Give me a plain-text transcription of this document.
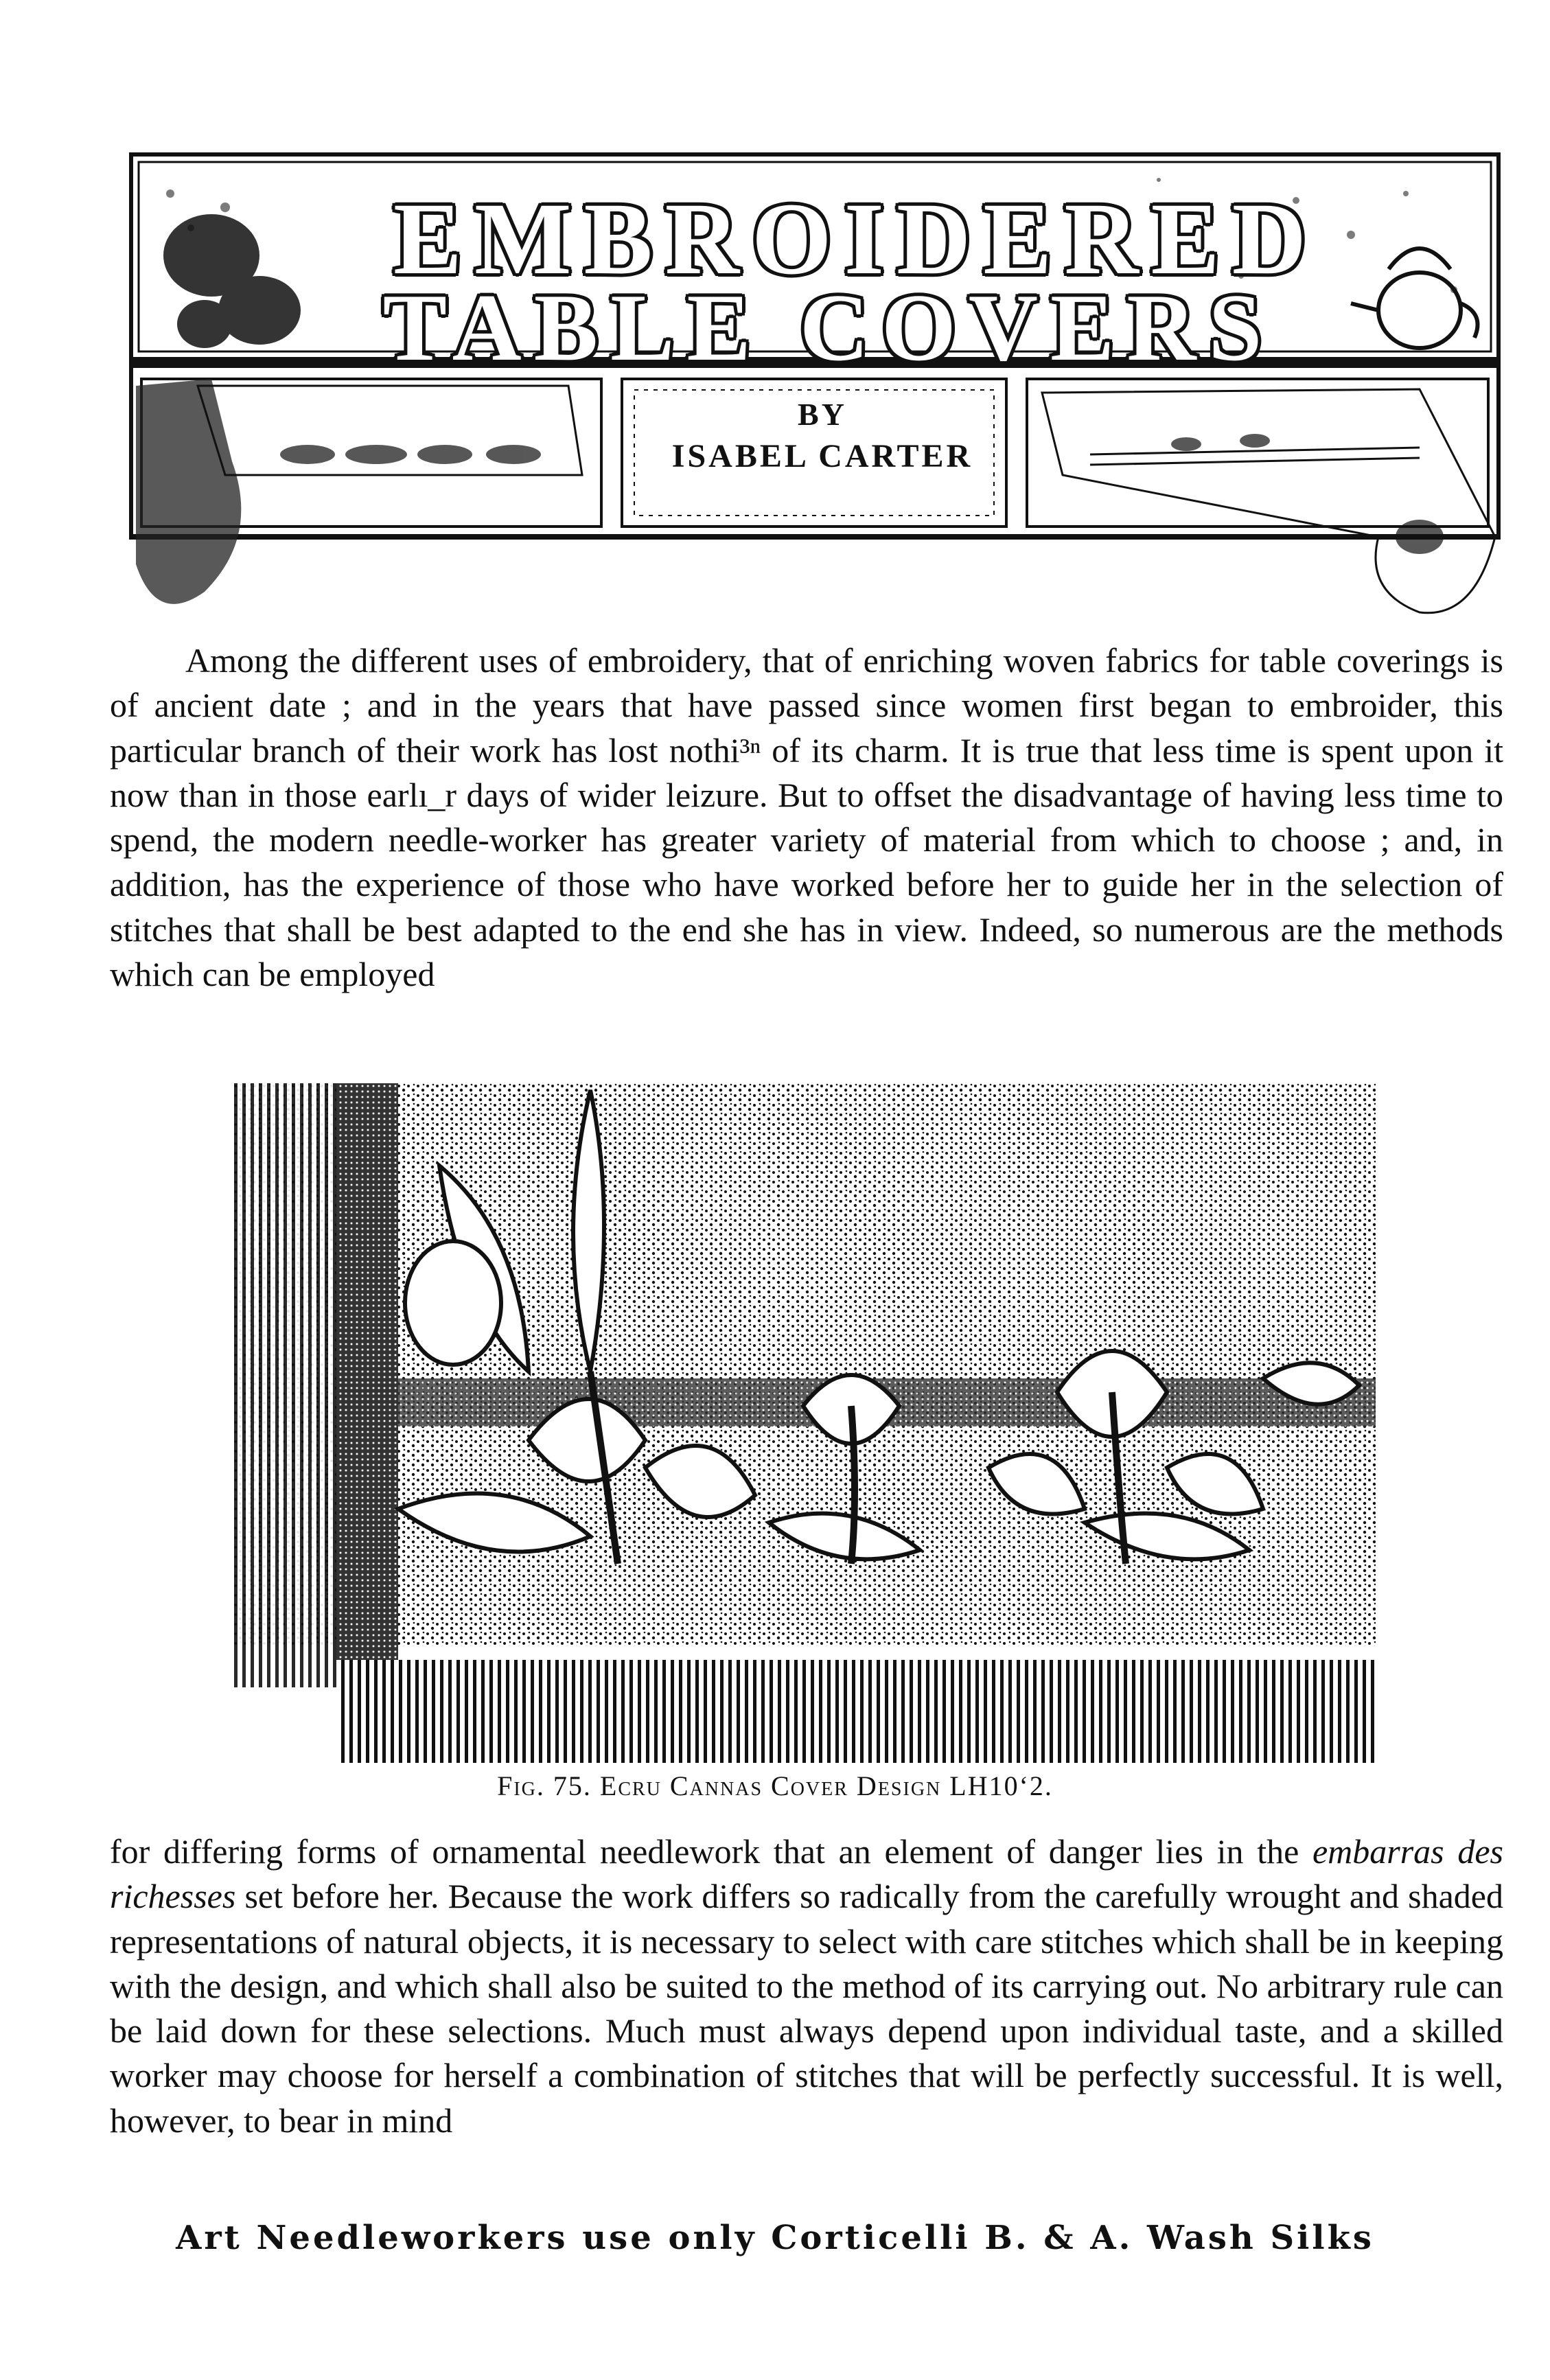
EMBROIDERED
TABLE COVERS
BY
ISABEL CARTER

Among the different uses of embroidery, that of enriching woven fabrics for table coverings is of ancient date ; and in the years that have passed since women first began to embroider, this particular branch of their work has lost nothi³ⁿ of its charm. It is true that less time is spent upon it now than in those earlı_r days of wider leizure. But to offset the disadvantage of having less time to spend, the modern needle-worker has greater variety of material from which to choose ; and, in addition, has the experience of those who have worked before her to guide her in the selection of stitches that shall be best adapted to the end she has in view. Indeed, so numerous are the methods which can be employed

Fig. 75. Ecru Cannas Cover Design LH10ʻ2.

for differing forms of ornamental needlework that an element of danger lies in the embarras des richesses set before her. Because the work differs so radically from the carefully wrought and shaded representations of natural objects, it is necessary to select with care stitches which shall be in keeping with the design, and which shall also be suited to the method of its carrying out. No arbitrary rule can be laid down for these selections. Much must always depend upon individual taste, and a skilled worker may choose for herself a combination of stitches that will be perfectly successful. It is well, however, to bear in mind

Art Needleworkers use only Corticelli B. & A. Wash Silks
